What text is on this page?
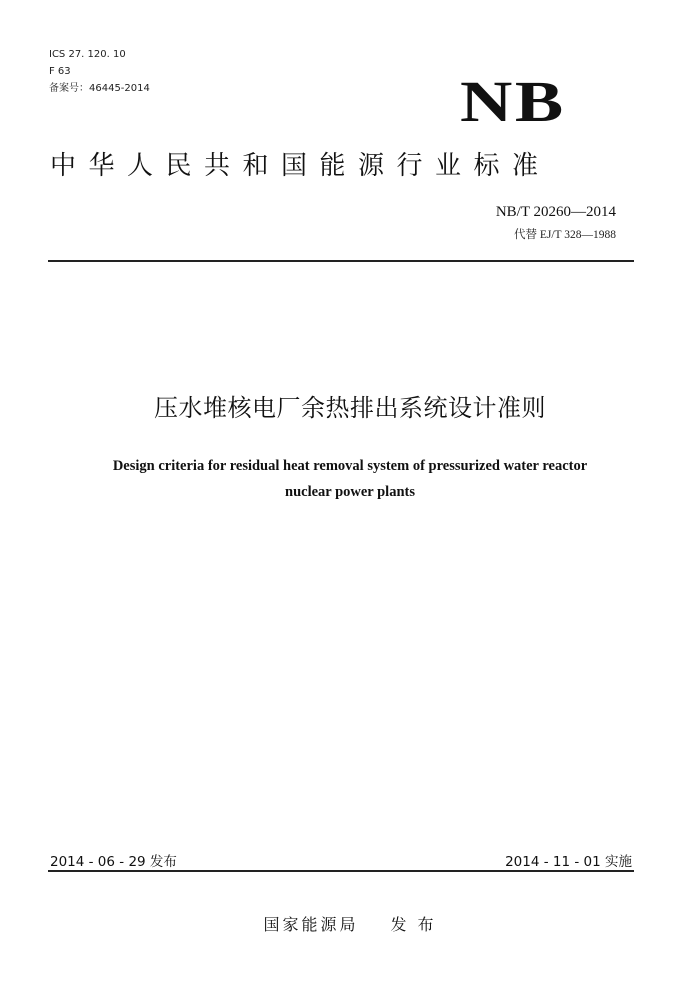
ICS 27. 120. 10
F 63
备案号：46445-2014	NB
中华人民共和国能源行业标准
NB/T 20260—2014
代替 EJ/T 328—1988
压水堆核电厂余热排出系统设计准则
Design criteria for residual heat removal system of pressurized water reactor
nuclear power plants
2014 - 06 - 29 发布	2014 - 11 - 01 实施
国家能源局 发 布
